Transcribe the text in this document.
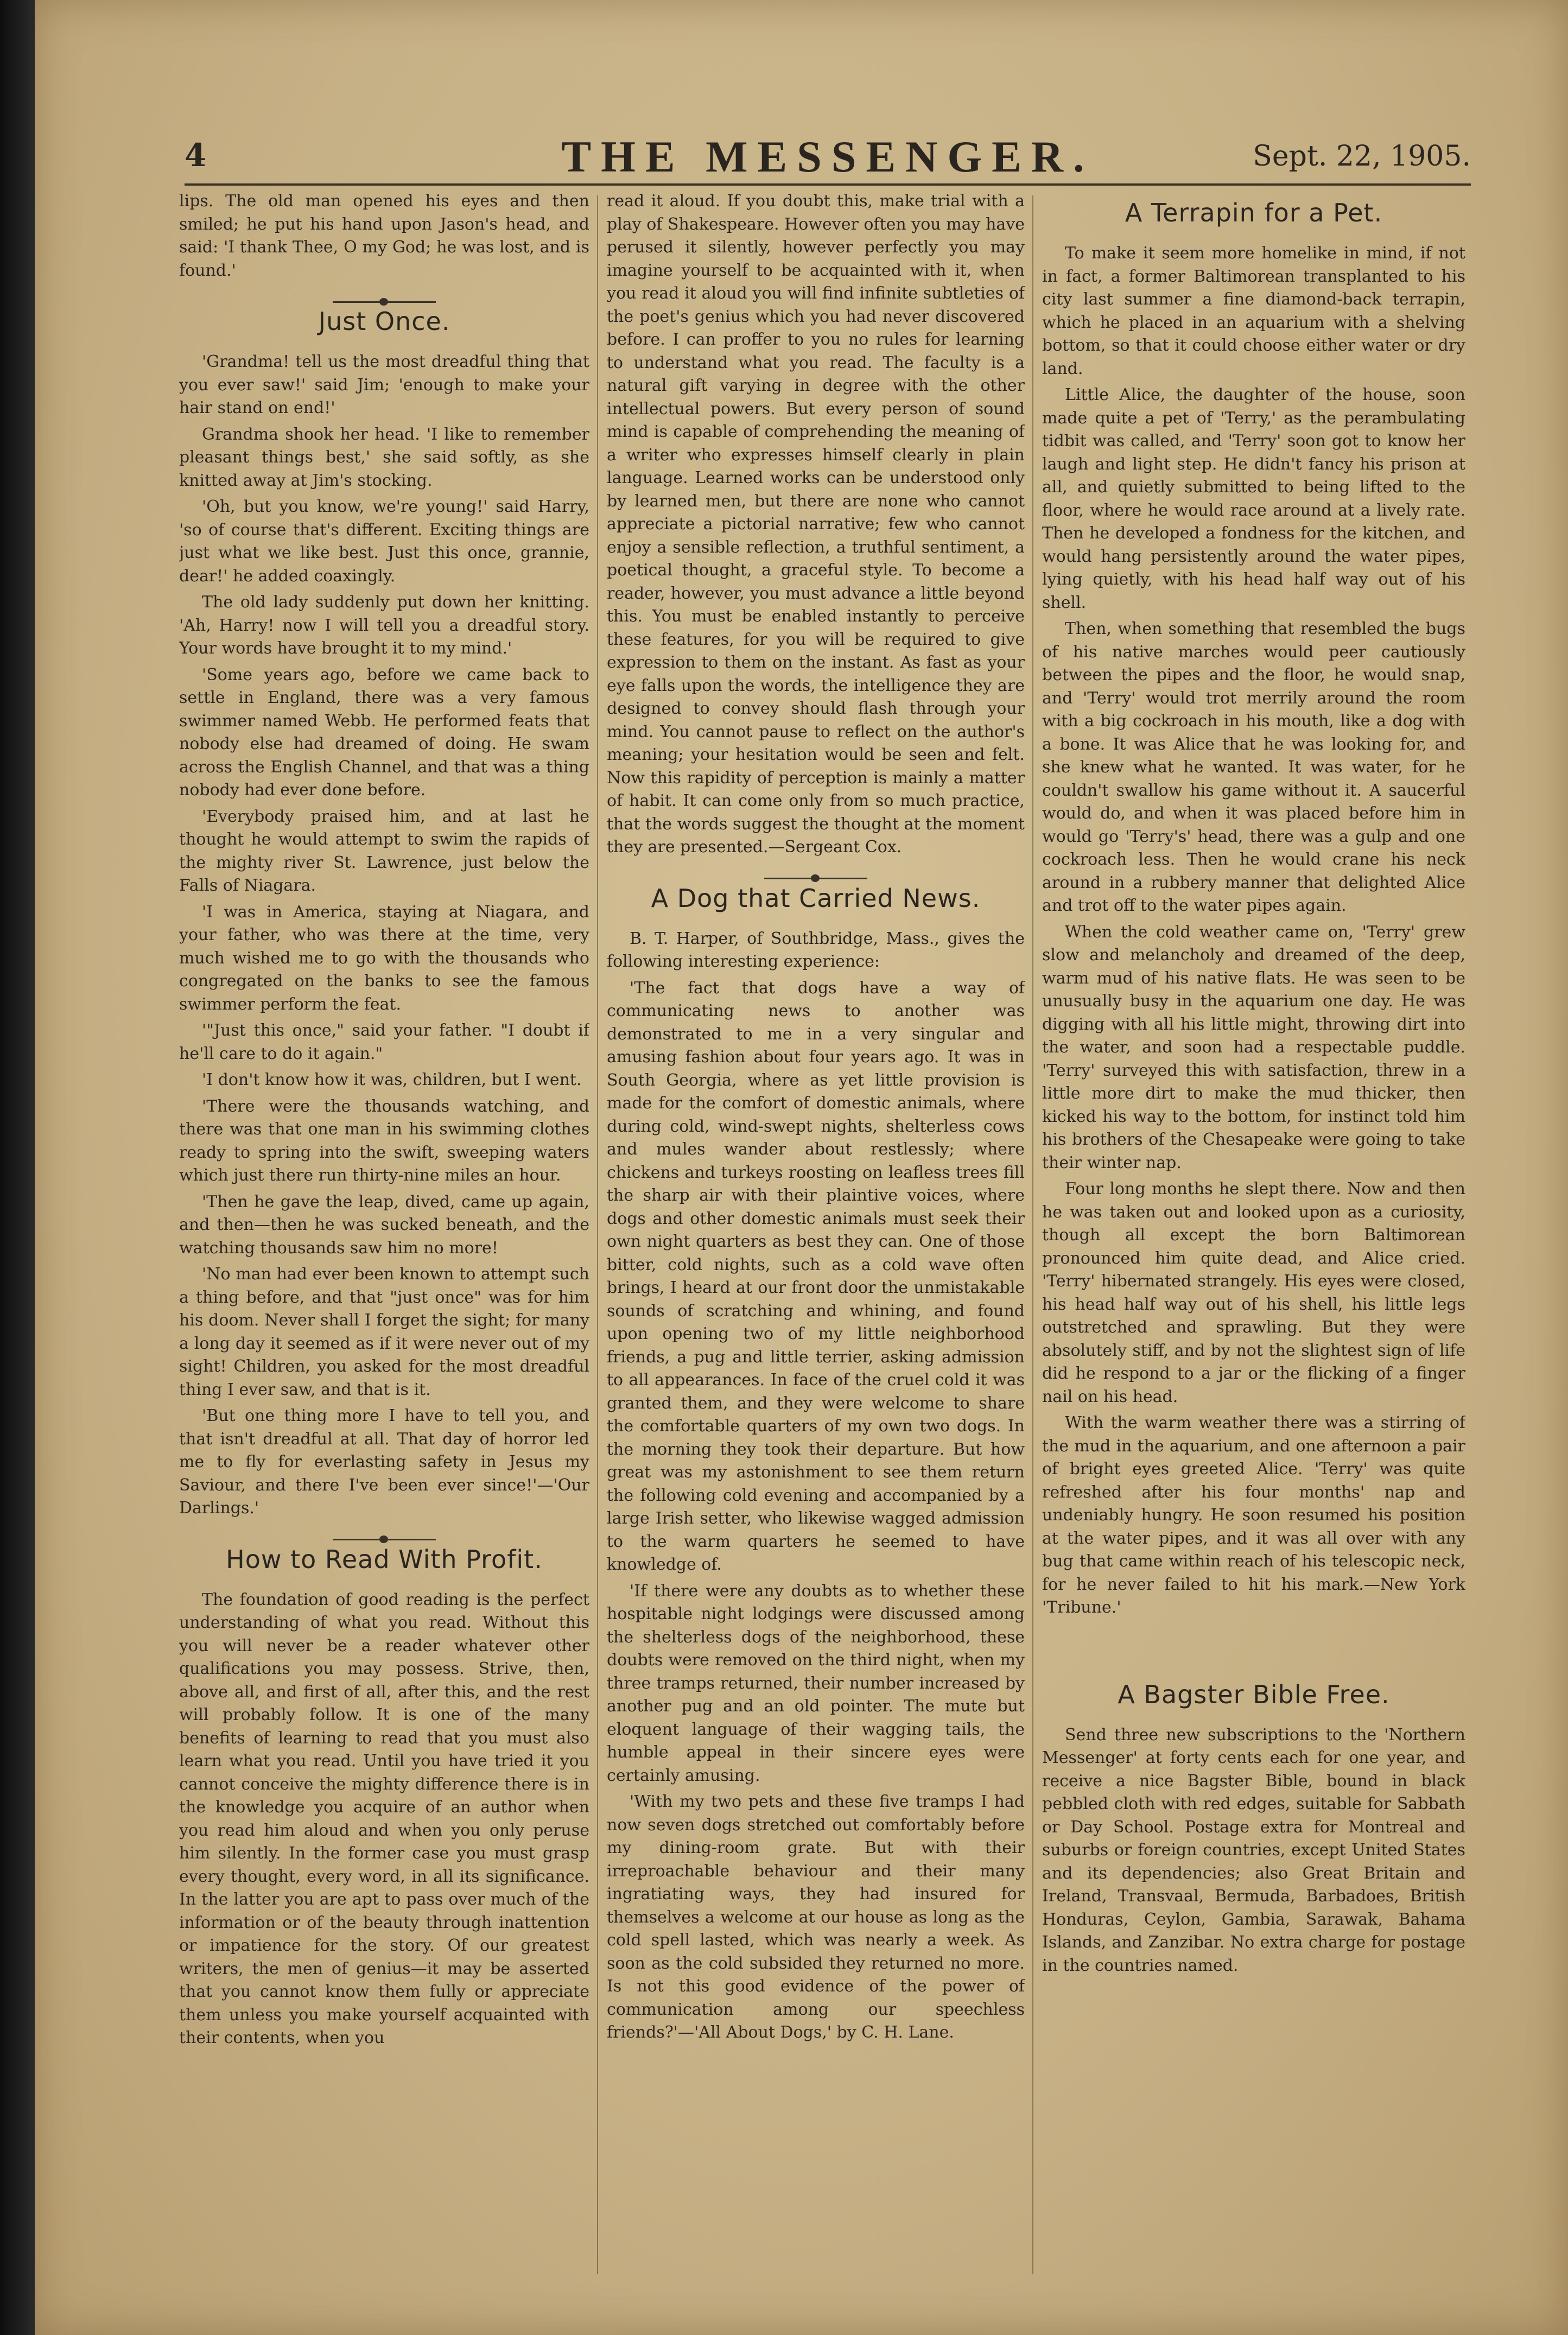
4	THE MESSENGER.	Sept. 22, 1905.

lips. The old man opened his eyes and then smiled; he put his hand upon Jason's head, and said: 'I thank Thee, O my God; he was lost, and is found.'

Just Once.

'Grandma! tell us the most dreadful thing that you ever saw!' said Jim; 'enough to make your hair stand on end!'

Grandma shook her head. 'I like to remember pleasant things best,' she said softly, as she knitted away at Jim's stocking.

'Oh, but you know, we're young!' said Harry, 'so of course that's different. Exciting things are just what we like best. Just this once, grannie, dear!' he added coaxingly.

The old lady suddenly put down her knitting. 'Ah, Harry! now I will tell you a dreadful story. Your words have brought it to my mind.'

'Some years ago, before we came back to settle in England, there was a very famous swimmer named Webb. He performed feats that nobody else had dreamed of doing. He swam across the English Channel, and that was a thing nobody had ever done before.

'Everybody praised him, and at last he thought he would attempt to swim the rapids of the mighty river St. Lawrence, just below the Falls of Niagara.

'I was in America, staying at Niagara, and your father, who was there at the time, very much wished me to go with the thousands who congregated on the banks to see the famous swimmer perform the feat.

'"Just this once," said your father. "I doubt if he'll care to do it again."

'I don't know how it was, children, but I went.

'There were the thousands watching, and there was that one man in his swimming clothes ready to spring into the swift, sweeping waters which just there run thirty-nine miles an hour.

'Then he gave the leap, dived, came up again, and then—then he was sucked beneath, and the watching thousands saw him no more!

'No man had ever been known to attempt such a thing before, and that "just once" was for him his doom. Never shall I forget the sight; for many a long day it seemed as if it were never out of my sight! Children, you asked for the most dreadful thing I ever saw, and that is it.

'But one thing more I have to tell you, and that isn't dreadful at all. That day of horror led me to fly for everlasting safety in Jesus my Saviour, and there I've been ever since!'—'Our Darlings.'

How to Read With Profit.

The foundation of good reading is the perfect understanding of what you read. Without this you will never be a reader whatever other qualifications you may possess. Strive, then, above all, and first of all, after this, and the rest will probably follow. It is one of the many benefits of learning to read that you must also learn what you read. Until you have tried it you cannot conceive the mighty difference there is in the knowledge you acquire of an author when you read him aloud and when you only peruse him silently. In the former case you must grasp every thought, every word, in all its significance. In the latter you are apt to pass over much of the information or of the beauty through inattention or impatience for the story. Of our greatest writers, the men of genius—it may be asserted that you cannot know them fully or appreciate them unless you make yourself acquainted with their contents, when you

read it aloud. If you doubt this, make trial with a play of Shakespeare. However often you may have perused it silently, however perfectly you may imagine yourself to be acquainted with it, when you read it aloud you will find infinite subtleties of the poet's genius which you had never discovered before. I can proffer to you no rules for learning to understand what you read. The faculty is a natural gift varying in degree with the other intellectual powers. But every person of sound mind is capable of comprehending the meaning of a writer who expresses himself clearly in plain language. Learned works can be understood only by learned men, but there are none who cannot appreciate a pictorial narrative; few who cannot enjoy a sensible reflection, a truthful sentiment, a poetical thought, a graceful style. To become a reader, however, you must advance a little beyond this. You must be enabled instantly to perceive these features, for you will be required to give expression to them on the instant. As fast as your eye falls upon the words, the intelligence they are designed to convey should flash through your mind. You cannot pause to reflect on the author's meaning; your hesitation would be seen and felt. Now this rapidity of perception is mainly a matter of habit. It can come only from so much practice, that the words suggest the thought at the moment they are presented.—Sergeant Cox.

A Dog that Carried News.

B. T. Harper, of Southbridge, Mass., gives the following interesting experience:

'The fact that dogs have a way of communicating news to another was demonstrated to me in a very singular and amusing fashion about four years ago. It was in South Georgia, where as yet little provision is made for the comfort of domestic animals, where during cold, wind-swept nights, shelterless cows and mules wander about restlessly; where chickens and turkeys roosting on leafless trees fill the sharp air with their plaintive voices, where dogs and other domestic animals must seek their own night quarters as best they can. One of those bitter, cold nights, such as a cold wave often brings, I heard at our front door the unmistakable sounds of scratching and whining, and found upon opening two of my little neighborhood friends, a pug and little terrier, asking admission to all appearances. In face of the cruel cold it was granted them, and they were welcome to share the comfortable quarters of my own two dogs. In the morning they took their departure. But how great was my astonishment to see them return the following cold evening and accompanied by a large Irish setter, who likewise wagged admission to the warm quarters he seemed to have knowledge of.

'If there were any doubts as to whether these hospitable night lodgings were discussed among the shelterless dogs of the neighborhood, these doubts were removed on the third night, when my three tramps returned, their number increased by another pug and an old pointer. The mute but eloquent language of their wagging tails, the humble appeal in their sincere eyes were certainly amusing.

'With my two pets and these five tramps I had now seven dogs stretched out comfortably before my dining-room grate. But with their irreproachable behaviour and their many ingratiating ways, they had insured for themselves a welcome at our house as long as the cold spell lasted, which was nearly a week. As soon as the cold subsided they returned no more. Is not this good evidence of the power of communication among our speechless friends?'—'All About Dogs,' by C. H. Lane.

A Terrapin for a Pet.

To make it seem more homelike in mind, if not in fact, a former Baltimorean transplanted to his city last summer a fine diamond-back terrapin, which he placed in an aquarium with a shelving bottom, so that it could choose either water or dry land.

Little Alice, the daughter of the house, soon made quite a pet of 'Terry,' as the perambulating tidbit was called, and 'Terry' soon got to know her laugh and light step. He didn't fancy his prison at all, and quietly submitted to being lifted to the floor, where he would race around at a lively rate. Then he developed a fondness for the kitchen, and would hang persistently around the water pipes, lying quietly, with his head half way out of his shell.

Then, when something that resembled the bugs of his native marches would peer cautiously between the pipes and the floor, he would snap, and 'Terry' would trot merrily around the room with a big cockroach in his mouth, like a dog with a bone. It was Alice that he was looking for, and she knew what he wanted. It was water, for he couldn't swallow his game without it. A saucerful would do, and when it was placed before him in would go 'Terry's' head, there was a gulp and one cockroach less. Then he would crane his neck around in a rubbery manner that delighted Alice and trot off to the water pipes again.

When the cold weather came on, 'Terry' grew slow and melancholy and dreamed of the deep, warm mud of his native flats. He was seen to be unusually busy in the aquarium one day. He was digging with all his little might, throwing dirt into the water, and soon had a respectable puddle. 'Terry' surveyed this with satisfaction, threw in a little more dirt to make the mud thicker, then kicked his way to the bottom, for instinct told him his brothers of the Chesapeake were going to take their winter nap.

Four long months he slept there. Now and then he was taken out and looked upon as a curiosity, though all except the born Baltimorean pronounced him quite dead, and Alice cried. 'Terry' hibernated strangely. His eyes were closed, his head half way out of his shell, his little legs outstretched and sprawling. But they were absolutely stiff, and by not the slightest sign of life did he respond to a jar or the flicking of a finger nail on his head.

With the warm weather there was a stirring of the mud in the aquarium, and one afternoon a pair of bright eyes greeted Alice. 'Terry' was quite refreshed after his four months' nap and undeniably hungry. He soon resumed his position at the water pipes, and it was all over with any bug that came within reach of his telescopic neck, for he never failed to hit his mark.—New York 'Tribune.'

A Bagster Bible Free.

Send three new subscriptions to the 'Northern Messenger' at forty cents each for one year, and receive a nice Bagster Bible, bound in black pebbled cloth with red edges, suitable for Sabbath or Day School. Postage extra for Montreal and suburbs or foreign countries, except United States and its dependencies; also Great Britain and Ireland, Transvaal, Bermuda, Barbadoes, British Honduras, Ceylon, Gambia, Sarawak, Bahama Islands, and Zanzibar. No extra charge for postage in the countries named.
